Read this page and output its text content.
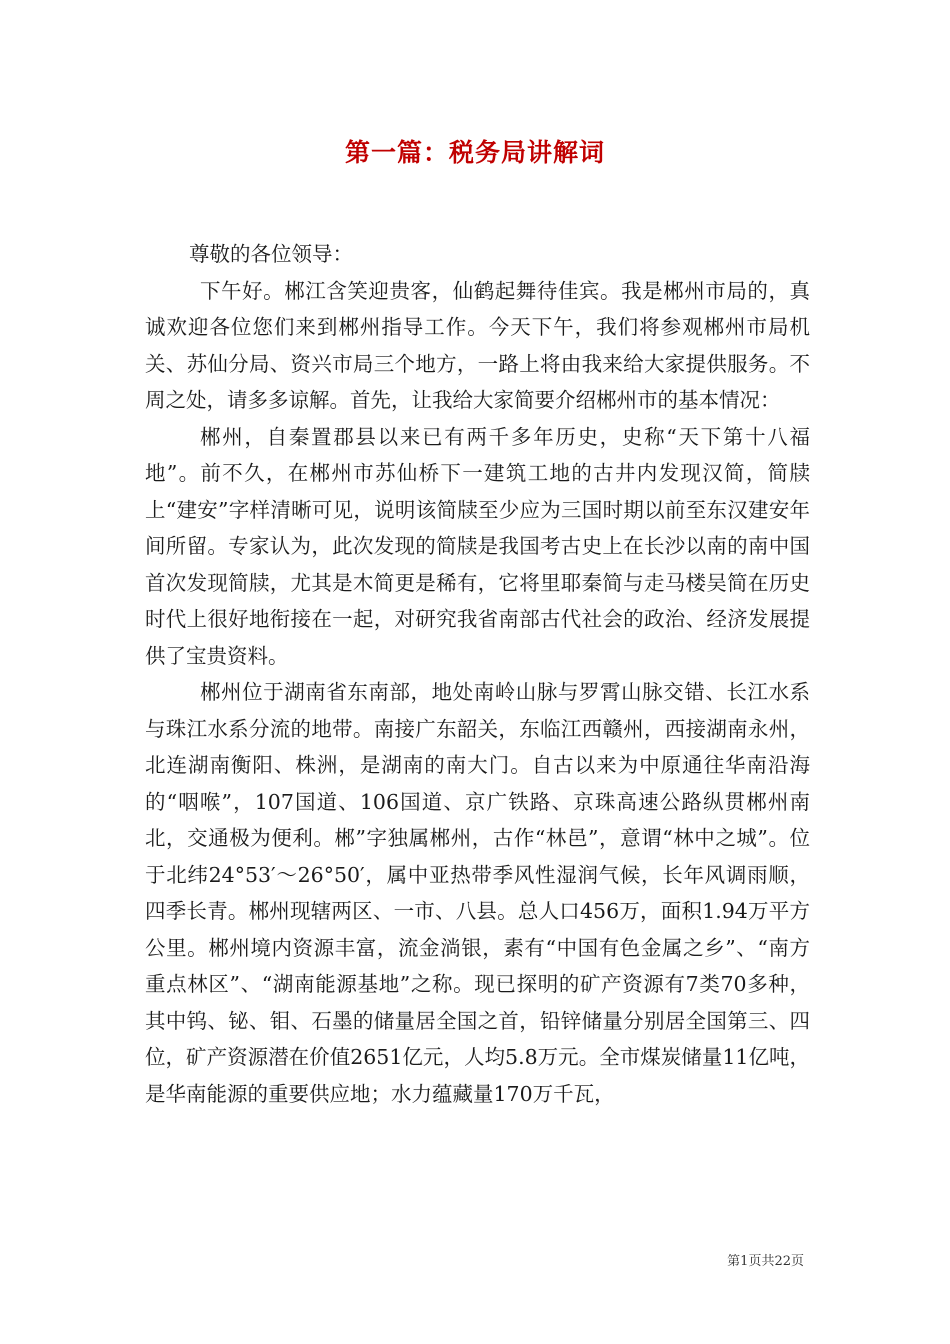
第一篇：税务局讲解词

尊敬的各位领导：

下午好。郴江含笑迎贵客，仙鹤起舞待佳宾。我是郴州市局的，真诚欢迎各位您们来到郴州指导工作。今天下午，我们将参观郴州市局机关、苏仙分局、资兴市局三个地方，一路上将由我来给大家提供服务。不周之处，请多多谅解。首先，让我给大家简要介绍郴州市的基本情况：

郴州，自秦置郡县以来已有两千多年历史，史称“天下第十八福地”。前不久，在郴州市苏仙桥下一建筑工地的古井内发现汉简，简牍上“建安”字样清晰可见，说明该简牍至少应为三国时期以前至东汉建安年间所留。专家认为，此次发现的简牍是我国考古史上在长沙以南的南中国首次发现简牍，尤其是木简更是稀有，它将里耶秦简与走马楼吴简在历史时代上很好地衔接在一起，对研究我省南部古代社会的政治、经济发展提供了宝贵资料。

郴州位于湖南省东南部，地处南岭山脉与罗霄山脉交错、长江水系与珠江水系分流的地带。南接广东韶关，东临江西赣州，西接湖南永州，北连湖南衡阳、株洲，是湖南的南大门。自古以来为中原通往华南沿海的“咽喉”，107国道、106国道、京广铁路、京珠高速公路纵贯郴州南北，交通极为便利。郴”字独属郴州，古作“林邑”，意谓“林中之城”。位于北纬24°53′～26°50′，属中亚热带季风性湿润气候，长年风调雨顺，四季长青。郴州现辖两区、一市、八县。总人口456万，面积1.94万平方公里。郴州境内资源丰富，流金淌银，素有“中国有色金属之乡”、“南方重点林区”、“湖南能源基地”之称。现已探明的矿产资源有7类70多种，其中钨、铋、钼、石墨的储量居全国之首，铅锌储量分别居全国第三、四位，矿产资源潜在价值2651亿元，人均5.8万元。全市煤炭储量11亿吨，是华南能源的重要供应地；水力蕴藏量170万千瓦，

第1页共22页
